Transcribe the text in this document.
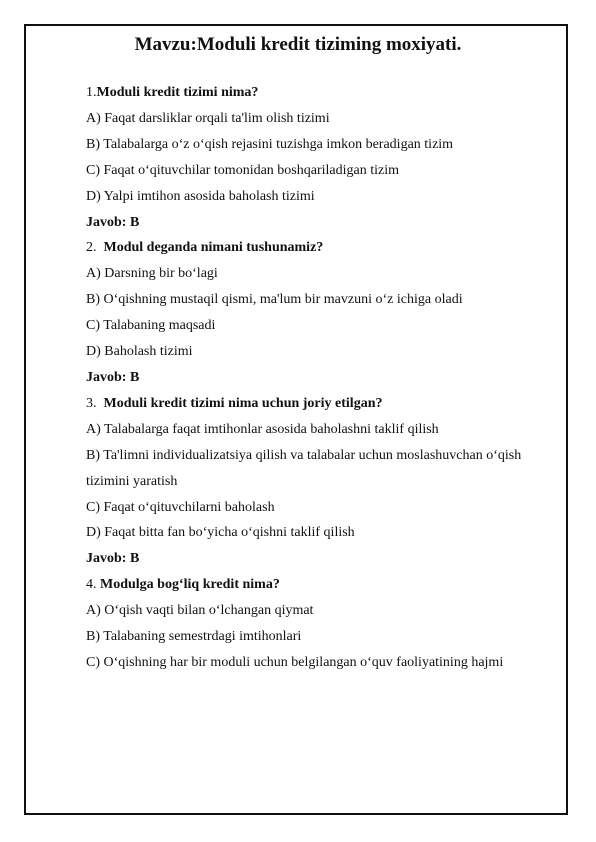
Mavzu:Moduli kredit tiziming moxiyati.
1.Moduli kredit tizimi nima?
A) Faqat darsliklar orqali ta'lim olish tizimi
B) Talabalarga o‘z o‘qish rejasini tuzishga imkon beradigan tizim
C) Faqat o‘qituvchilar tomonidan boshqariladigan tizim
D) Yalpi imtihon asosida baholash tizimi
Javob: B
2.  Modul deganda nimani tushunamiz?
A) Darsning bir bo‘lagi
B) O‘qishning mustaqil qismi, ma'lum bir mavzuni o‘z ichiga oladi
C) Talabaning maqsadi
D) Baholash tizimi
Javob: B
3.  Moduli kredit tizimi nima uchun joriy etilgan?
A) Talabalarga faqat imtihonlar asosida baholashni taklif qilish
B) Ta'limni individualizatsiya qilish va talabalar uchun moslashuvchan o‘qish tizimini yaratish
C) Faqat o‘qituvchilarni baholash
D) Faqat bitta fan bo‘yicha o‘qishni taklif qilish
Javob: B
4. Modulga bog‘liq kredit nima?
A) O‘qish vaqti bilan o‘lchangan qiymat
B) Talabaning semestrdagi imtihonlari
C) O‘qishning har bir moduli uchun belgilangan o‘quv faoliyatining hajmi
